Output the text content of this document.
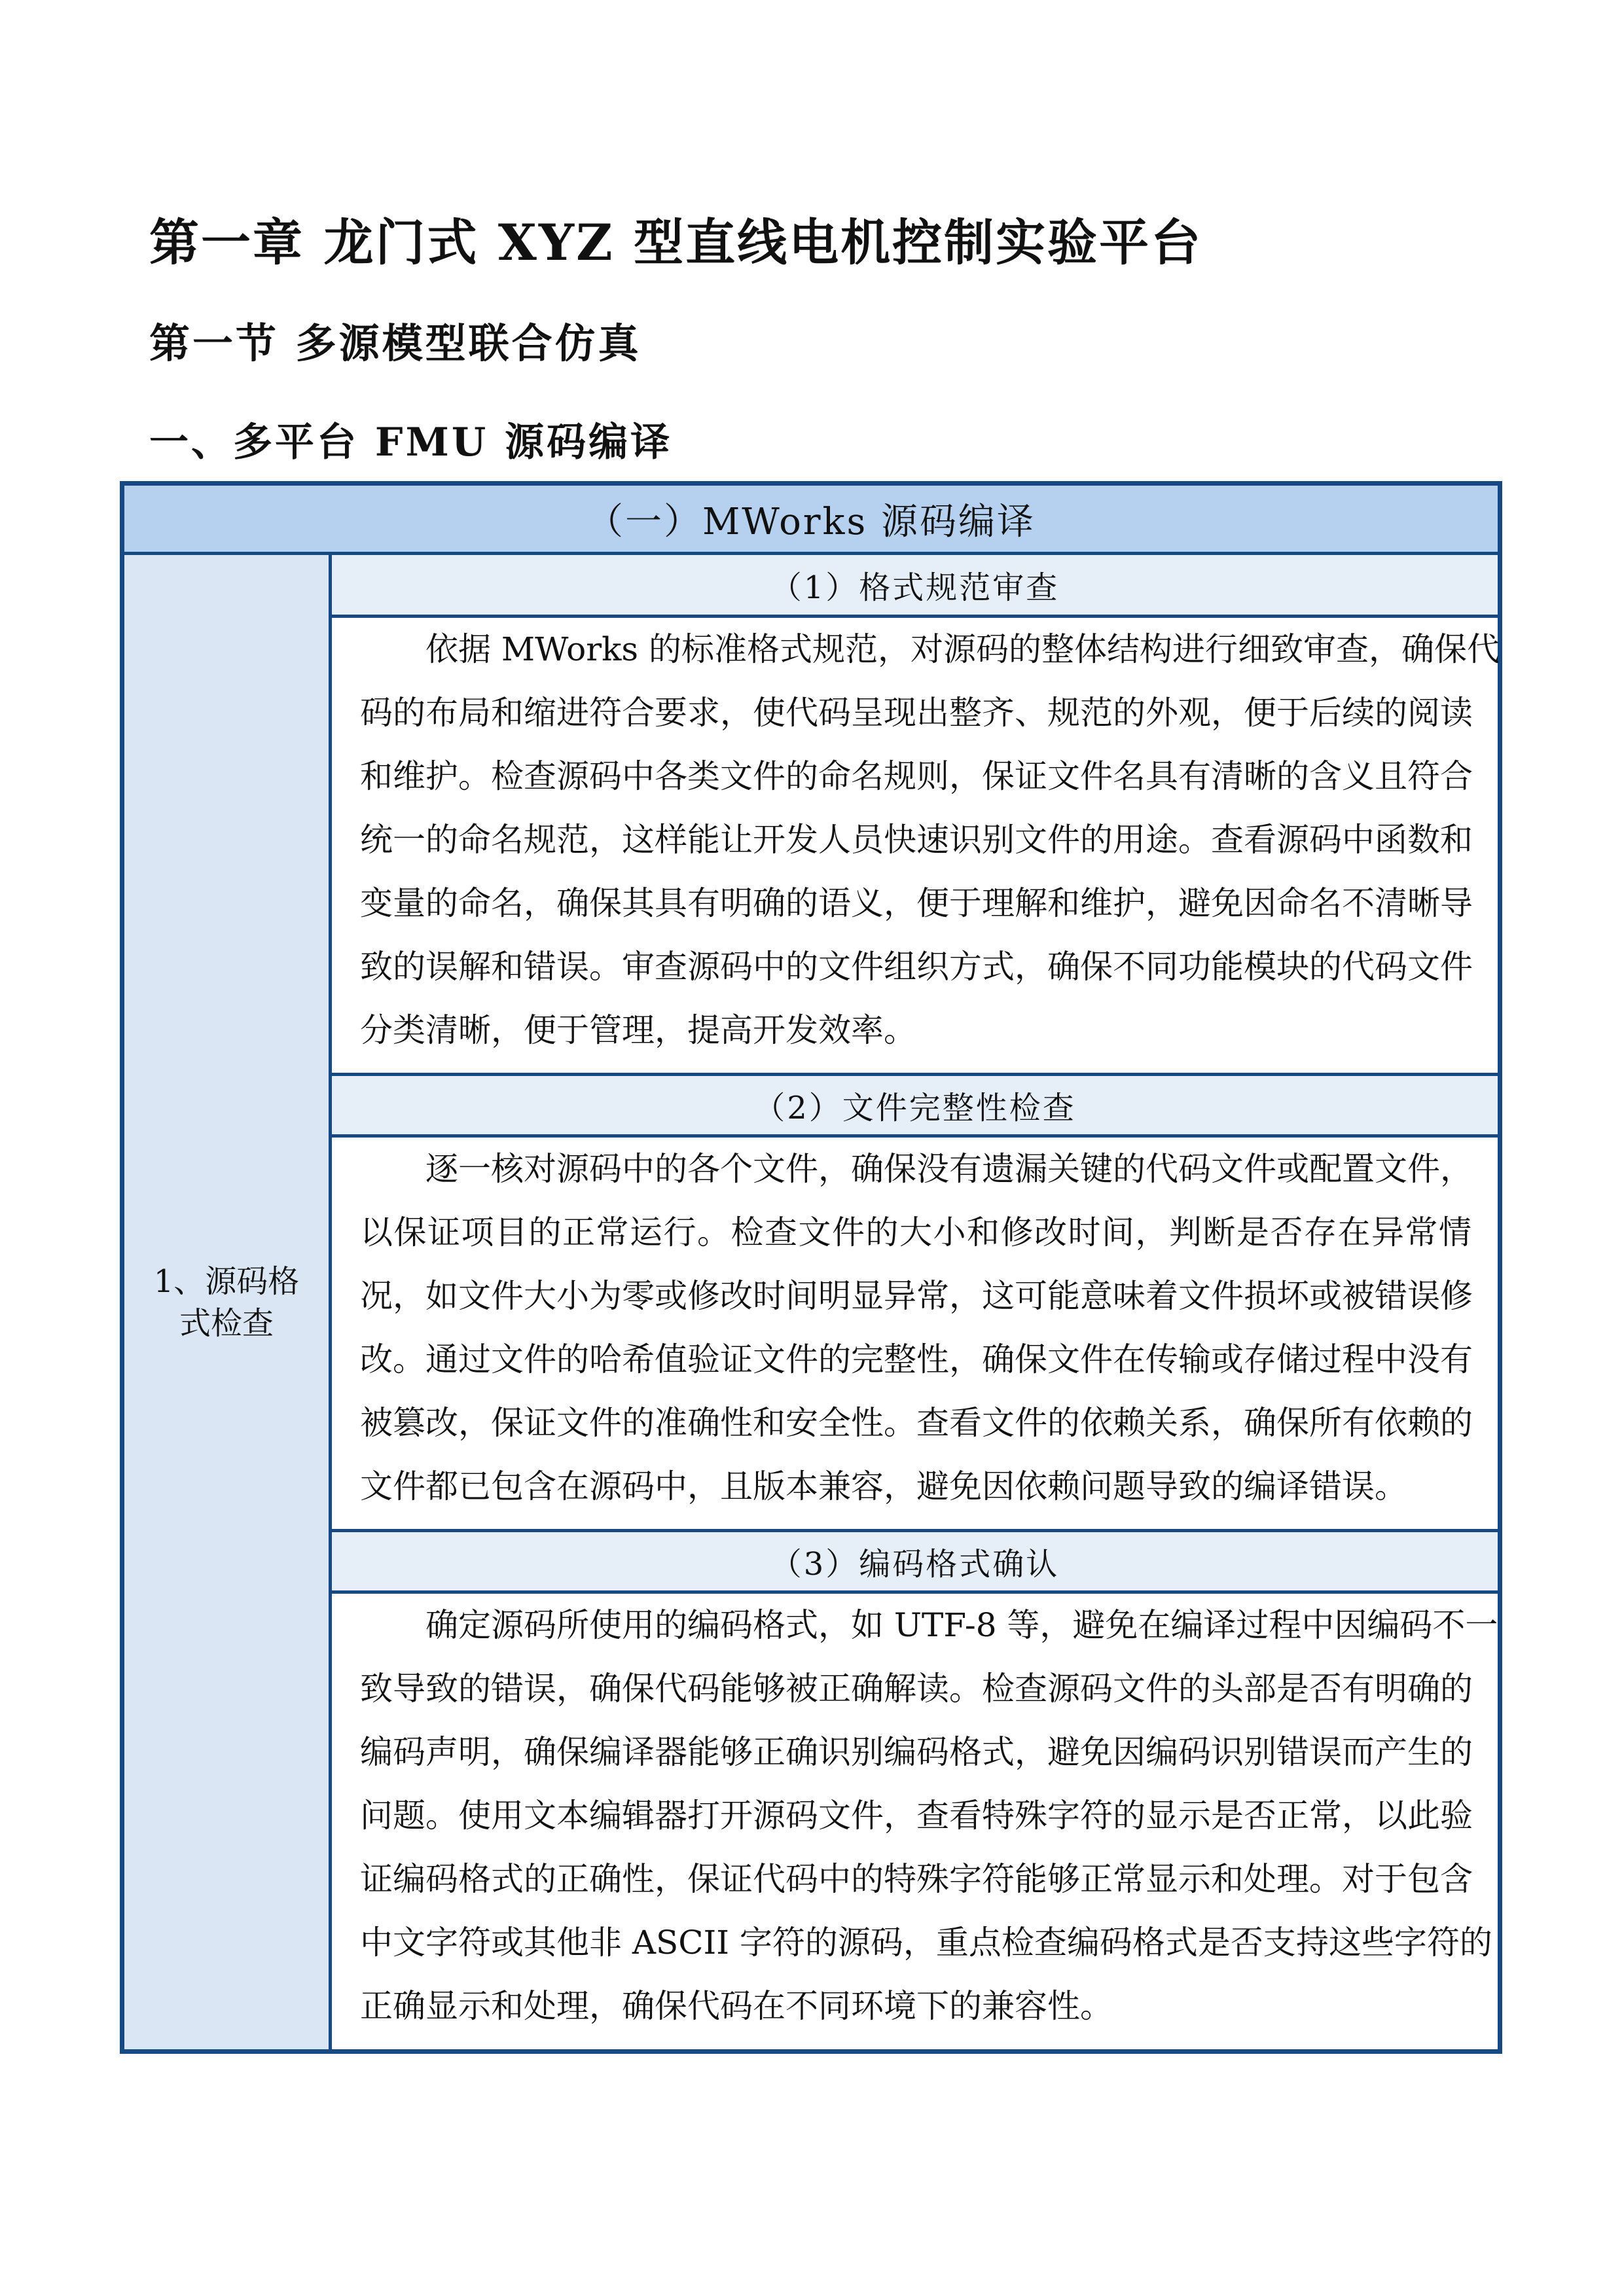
第一章 龙门式 XYZ 型直线电机控制实验平台
第一节 多源模型联合仿真
一、多平台 FMU 源码编译
（一）MWorks 源码编译
1、源码格
式检查
（1）格式规范审查
依据 MWorks 的标准格式规范，对源码的整体结构进行细致审查，确保代
码的布局和缩进符合要求，使代码呈现出整齐、规范的外观，便于后续的阅读
和维护。检查源码中各类文件的命名规则，保证文件名具有清晰的含义且符合
统一的命名规范，这样能让开发人员快速识别文件的用途。查看源码中函数和
变量的命名，确保其具有明确的语义，便于理解和维护，避免因命名不清晰导
致的误解和错误。审查源码中的文件组织方式，确保不同功能模块的代码文件
分类清晰，便于管理，提高开发效率。
（2）文件完整性检查
逐一核对源码中的各个文件，确保没有遗漏关键的代码文件或配置文件，
以保证项目的正常运行。检查文件的大小和修改时间，判断是否存在异常情
况，如文件大小为零或修改时间明显异常，这可能意味着文件损坏或被错误修
改。通过文件的哈希值验证文件的完整性，确保文件在传输或存储过程中没有
被篡改，保证文件的准确性和安全性。查看文件的依赖关系，确保所有依赖的
文件都已包含在源码中，且版本兼容，避免因依赖问题导致的编译错误。
（3）编码格式确认
确定源码所使用的编码格式，如 UTF-8 等，避免在编译过程中因编码不一
致导致的错误，确保代码能够被正确解读。检查源码文件的头部是否有明确的
编码声明，确保编译器能够正确识别编码格式，避免因编码识别错误而产生的
问题。使用文本编辑器打开源码文件，查看特殊字符的显示是否正常，以此验
证编码格式的正确性，保证代码中的特殊字符能够正常显示和处理。对于包含
中文字符或其他非 ASCII 字符的源码，重点检查编码格式是否支持这些字符的
正确显示和处理，确保代码在不同环境下的兼容性。
